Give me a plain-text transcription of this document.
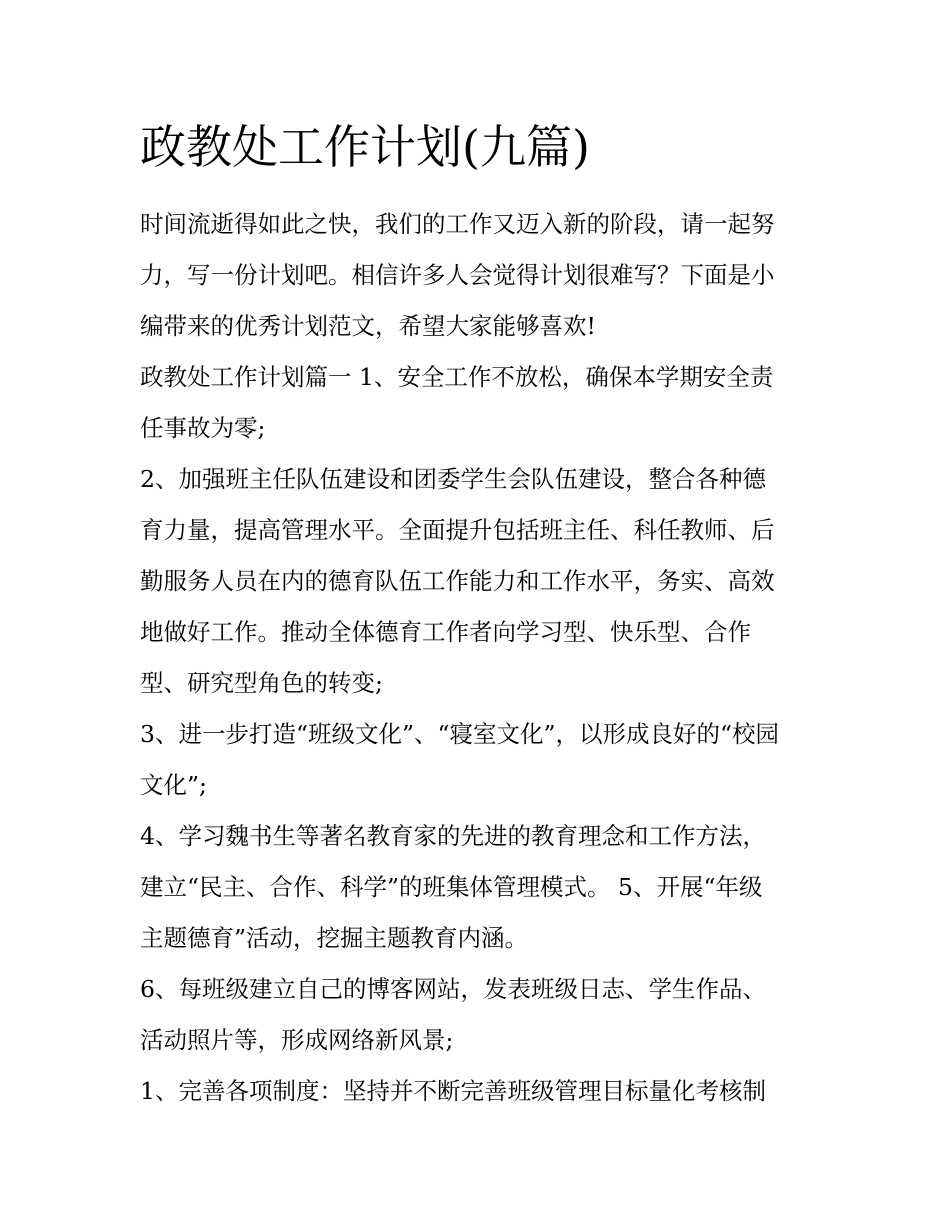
政教处工作计划(九篇)
时间流逝得如此之快，我们的工作又迈入新的阶段，请一起努
力，写一份计划吧。相信许多人会觉得计划很难写？下面是小
编带来的优秀计划范文，希望大家能够喜欢!
政教处工作计划篇一 1、安全工作不放松，确保本学期安全责
任事故为零;
2、加强班主任队伍建设和团委学生会队伍建设，整合各种德
育力量，提高管理水平。全面提升包括班主任、科任教师、后
勤服务人员在内的德育队伍工作能力和工作水平，务实、高效
地做好工作。推动全体德育工作者向学习型、快乐型、合作
型、研究型角色的转变;
3、进一步打造“班级文化”、“寝室文化”，以形成良好的“校园
文化”;
4、学习魏书生等著名教育家的先进的教育理念和工作方法，
建立“民主、合作、科学”的班集体管理模式。 5、开展“年级
主题德育”活动，挖掘主题教育内涵。
6、每班级建立自己的博客网站，发表班级日志、学生作品、
活动照片等，形成网络新风景;
1、完善各项制度：坚持并不断完善班级管理目标量化考核制
